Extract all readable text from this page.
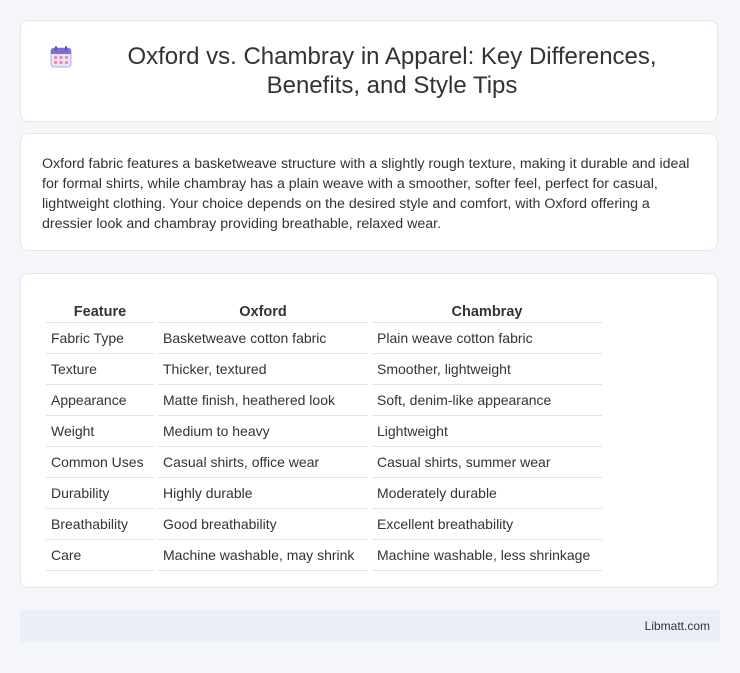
Oxford vs. Chambray in Apparel: Key Differences, Benefits, and Style Tips

Oxford fabric features a basketweave structure with a slightly rough texture, making it durable and ideal for formal shirts, while chambray has a plain weave with a smoother, softer feel, perfect for casual, lightweight clothing. Your choice depends on the desired style and comfort, with Oxford offering a dressier look and chambray providing breathable, relaxed wear.

Feature	Oxford	Chambray
Fabric Type	Basketweave cotton fabric	Plain weave cotton fabric
Texture	Thicker, textured	Smoother, lightweight
Appearance	Matte finish, heathered look	Soft, denim-like appearance
Weight	Medium to heavy	Lightweight
Common Uses	Casual shirts, office wear	Casual shirts, summer wear
Durability	Highly durable	Moderately durable
Breathability	Good breathability	Excellent breathability
Care	Machine washable, may shrink	Machine washable, less shrinkage
Libmatt.com
